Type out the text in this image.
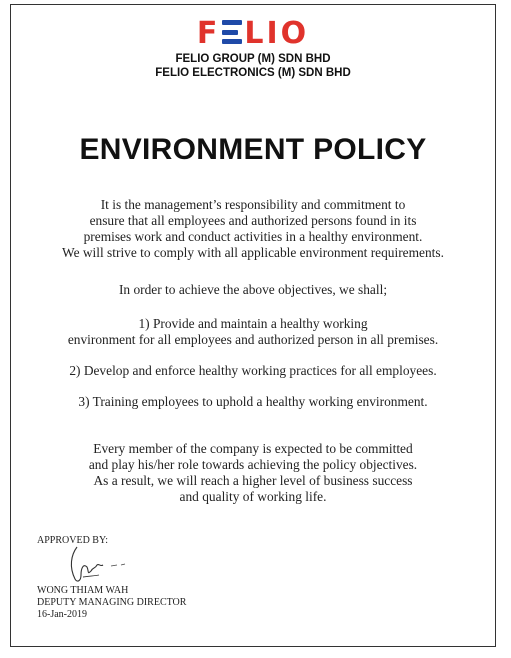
F LIO
FELIO GROUP (M) SDN BHD
FELIO ELECTRONICS (M) SDN BHD
ENVIRONMENT POLICY
It is the management’s responsibility and commitment to
ensure that all employees and authorized persons found in its
premises work and conduct activities in a healthy environment.
We will strive to comply with all applicable environment requirements.
In order to achieve the above objectives, we shall;
1) Provide and maintain a healthy working
environment for all employees and authorized person in all premises.
2) Develop and enforce healthy working practices for all employees.
3) Training employees to uphold a healthy working environment.
Every member of the company is expected to be committed
and play his/her role towards achieving the policy objectives.
As a result, we will reach a higher level of business success
and quality of working life.
APPROVED BY:
WONG THIAM WAH
DEPUTY MANAGING DIRECTOR
16-Jan-2019
